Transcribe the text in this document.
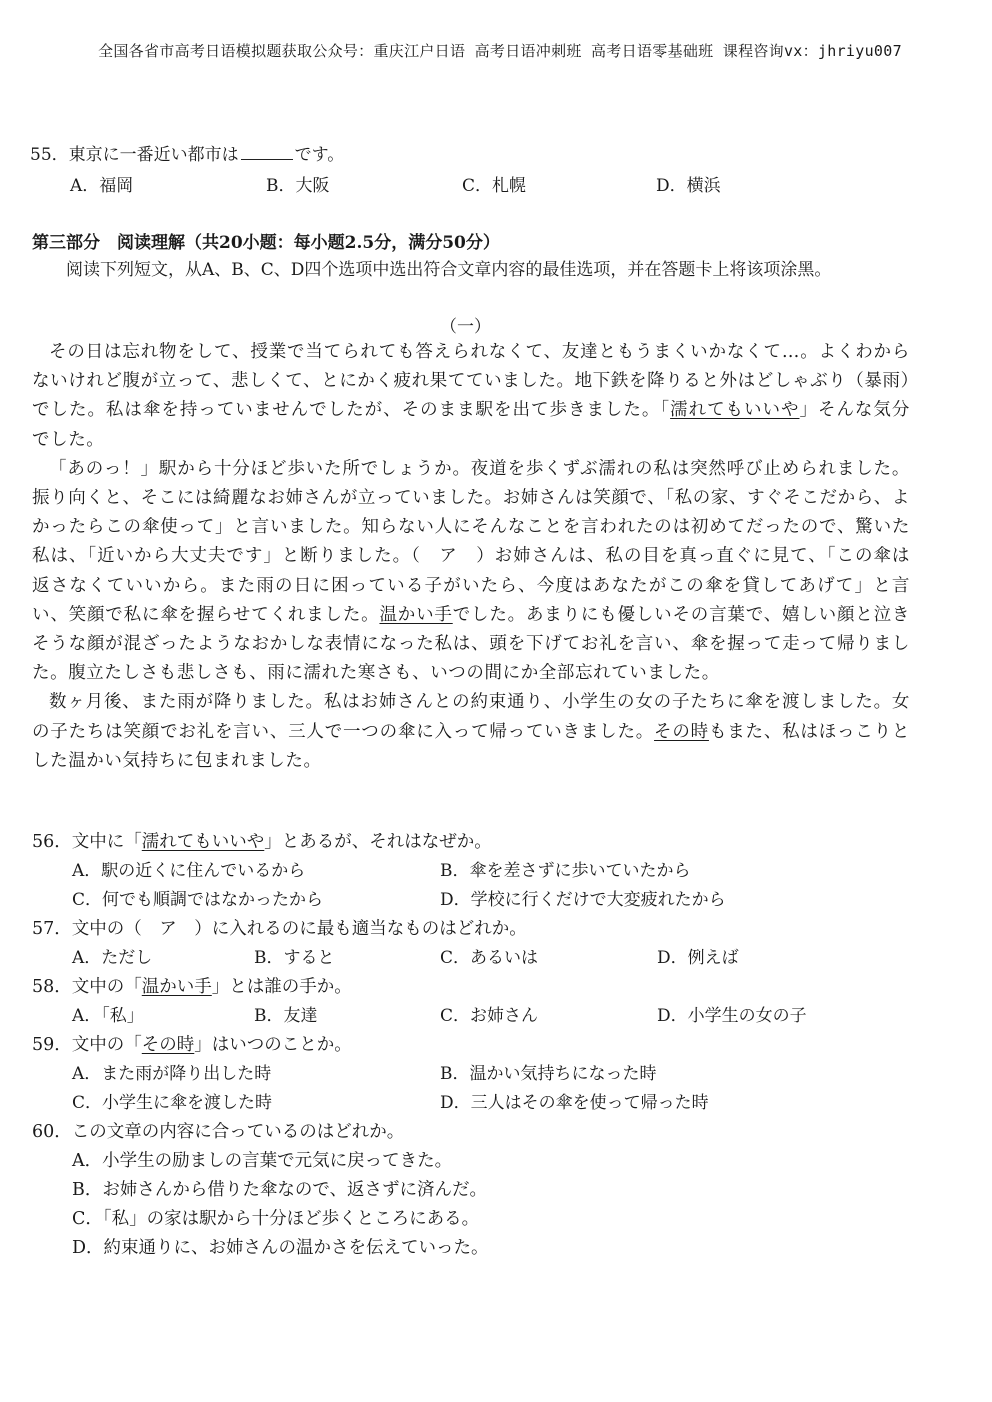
全国各省市高考日语模拟题获取公众号：重庆江户日语 高考日语冲刺班 高考日语零基础班 课程咨询vx：jhriyu007
55．東京に一番近い都市は	です。
A．福岡	B．大阪	C．札幌	D．横浜
第三部分　阅读理解（共20小题：每小题2.5分，满分50分）
阅读下列短文，从A、B、C、D四个选项中选出符合文章内容的最佳选项，并在答题卡上将该项涂黑。
（一）

その日は忘れ物をして、授業で当てられても答えられなくて、友達ともうまくいかなくて…。よくわからないけれど腹が立って、悲しくて、とにかく疲れ果てていました。地下鉄を降りると外はどしゃぶり（暴雨）でした。私は傘を持っていませんでしたが、そのまま駅を出て歩きました。「濡れてもいいや」そんな気分でした。

「あのっ！」駅から十分ほど歩いた所でしょうか。夜道を歩くずぶ濡れの私は突然呼び止められました。振り向くと、そこには綺麗なお姉さんが立っていました。お姉さんは笑顔で、「私の家、すぐそこだから、よかったらこの傘使って」と言いました。知らない人にそんなことを言われたのは初めてだったので、驚いた私は、「近いから大丈夫です」と断りました。（　ア　）お姉さんは、私の目を真っ直ぐに見て、「この傘は返さなくていいから。また雨の日に困っている子がいたら、今度はあなたがこの傘を貸してあげて」と言い、笑顔で私に傘を握らせてくれました。温かい手でした。あまりにも優しいその言葉で、嬉しい顔と泣きそうな顔が混ざったようなおかしな表情になった私は、頭を下げてお礼を言い、傘を握って走って帰りました。腹立たしさも悲しさも、雨に濡れた寒さも、いつの間にか全部忘れていました。

数ヶ月後、また雨が降りました。私はお姉さんとの約束通り、小学生の女の子たちに傘を渡しました。女の子たちは笑顔でお礼を言い、三人で一つの傘に入って帰っていきました。その時もまた、私はほっこりとした温かい気持ちに包まれました。

56．文中に「濡れてもいいや」とあるが、それはなぜか。
A．駅の近くに住んでいるから	B．傘を差さずに歩いていたから
C．何でも順調ではなかったから	D．学校に行くだけで大変疲れたから
57．文中の（　ア　）に入れるのに最も適当なものはどれか。
A．ただし	B．すると	C．あるいは	D．例えば
58．文中の「温かい手」とは誰の手か。
A．「私」	B．友達	C．お姉さん	D．小学生の女の子
59．文中の「その時」はいつのことか。
A．また雨が降り出した時	B．温かい気持ちになった時
C．小学生に傘を渡した時	D．三人はその傘を使って帰った時
60．この文章の内容に合っているのはどれか。
A．小学生の励ましの言葉で元気に戻ってきた。
B．お姉さんから借りた傘なので、返さずに済んだ。
C．「私」の家は駅から十分ほど歩くところにある。
D．約束通りに、お姉さんの温かさを伝えていった。
